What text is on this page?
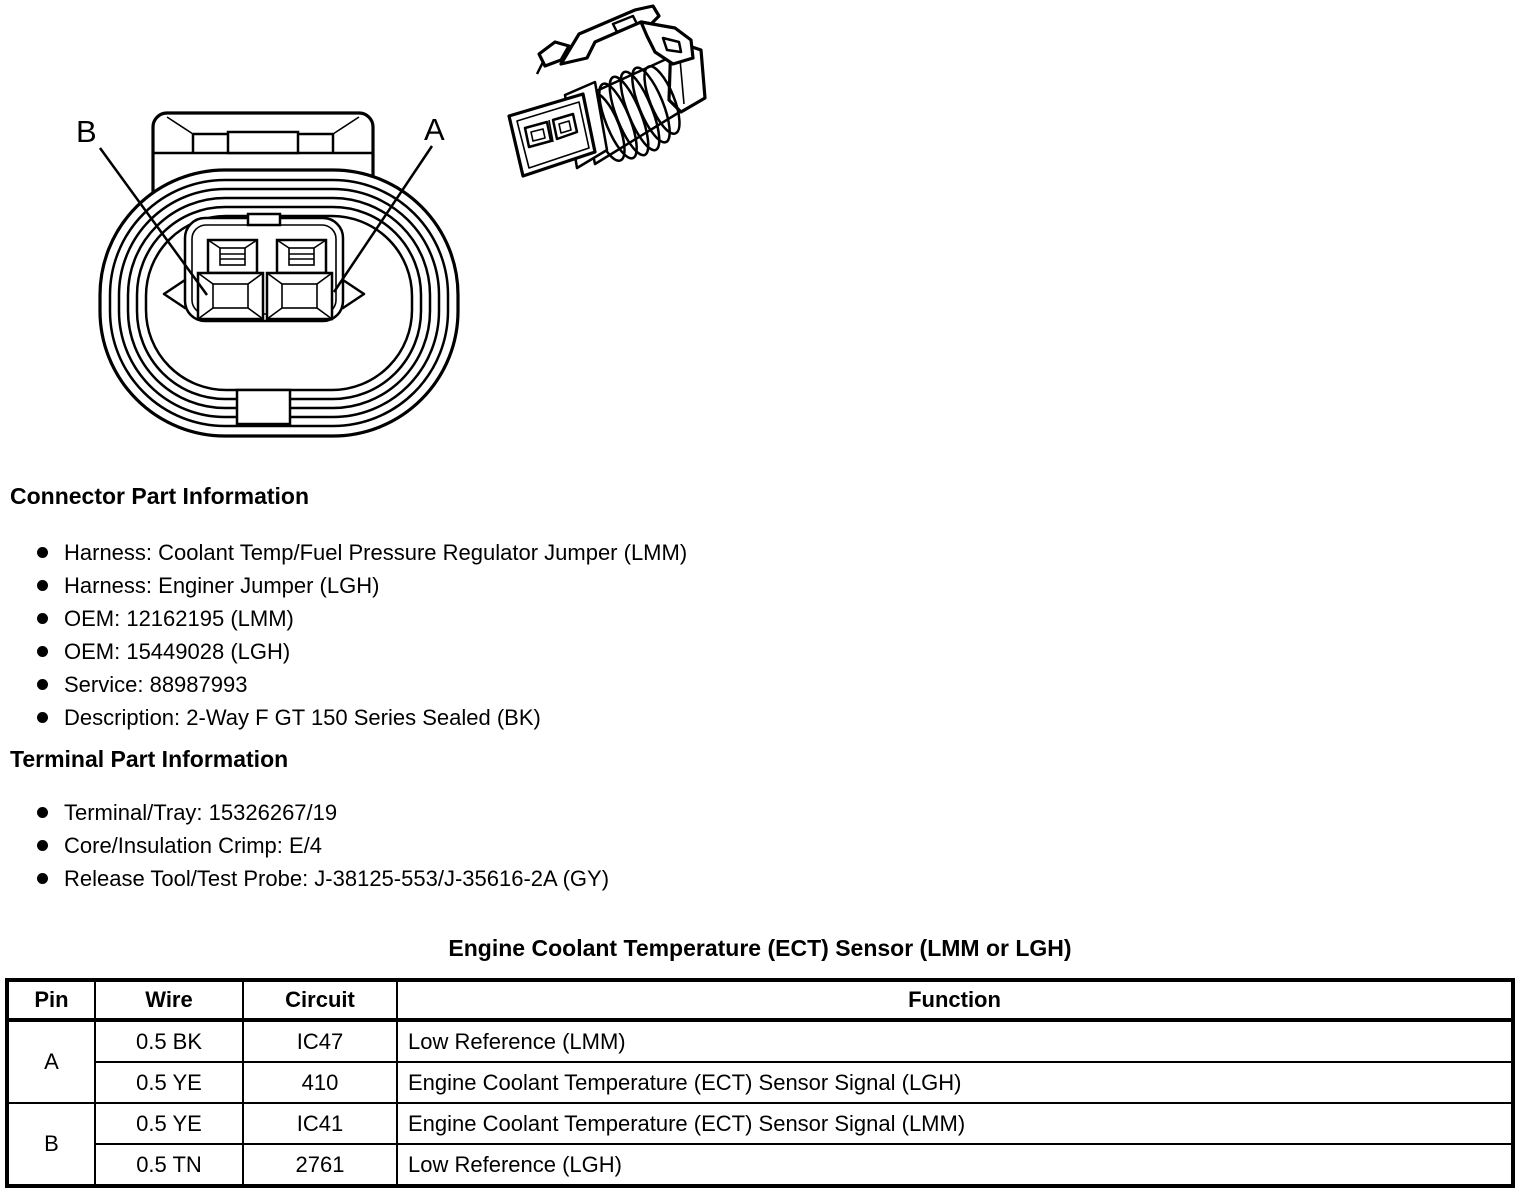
B	A
Connector Part Information
Harness: Coolant Temp/Fuel Pressure Regulator Jumper (LMM)
Harness: Enginer Jumper (LGH)
OEM: 12162195 (LMM)
OEM: 15449028 (LGH)
Service: 88987993
Description: 2-Way F GT 150 Series Sealed (BK)
Terminal Part Information
Terminal/Tray: 15326267/19
Core/Insulation Crimp: E/4
Release Tool/Test Probe: J-38125-553/J-35616-2A (GY)
Engine Coolant Temperature (ECT) Sensor (LMM or LGH)
Pin	Wire	Circuit	Function
A	0.5 BK	IC47	Low Reference (LMM)
	0.5 YE	410	Engine Coolant Temperature (ECT) Sensor Signal (LGH)
B	0.5 YE	IC41	Engine Coolant Temperature (ECT) Sensor Signal (LMM)
	0.5 TN	2761	Low Reference (LGH)
